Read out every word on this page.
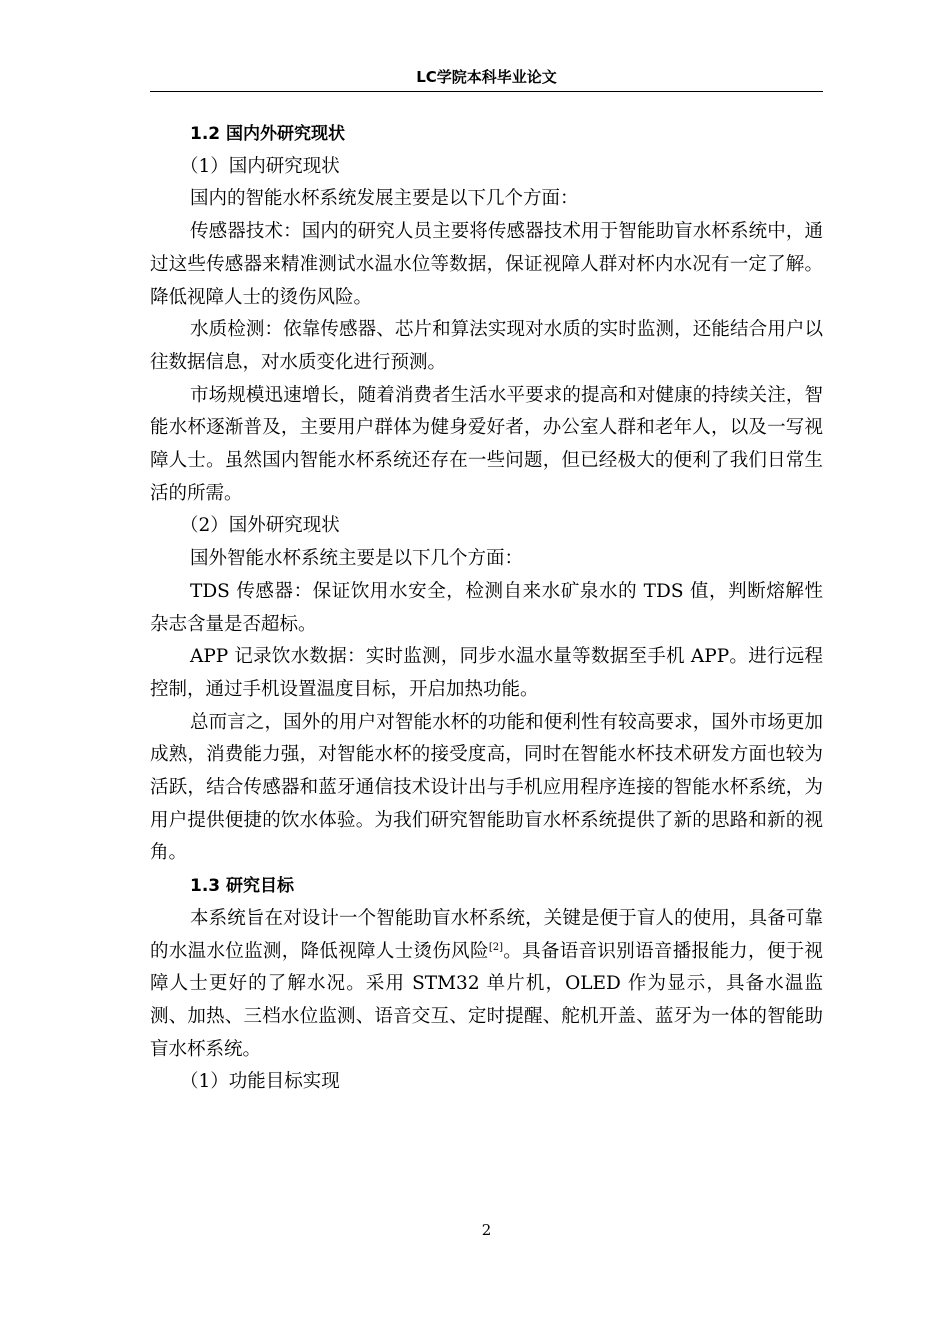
LC学院本科毕业论文

1.2 国内外研究现状

（1）国内研究现状

国内的智能水杯系统发展主要是以下几个方面：

传感器技术：国内的研究人员主要将传感器技术用于智能助盲水杯系统中，通过这些传感器来精准测试水温水位等数据，保证视障人群对杯内水况有一定了解。降低视障人士的烫伤风险。

水质检测：依靠传感器、芯片和算法实现对水质的实时监测，还能结合用户以往数据信息，对水质变化进行预测。

市场规模迅速增长，随着消费者生活水平要求的提高和对健康的持续关注，智能水杯逐渐普及，主要用户群体为健身爱好者，办公室人群和老年人，以及一写视障人士。虽然国内智能水杯系统还存在一些问题，但已经极大的便利了我们日常生活的所需。

（2）国外研究现状

国外智能水杯系统主要是以下几个方面：

TDS 传感器：保证饮用水安全，检测自来水矿泉水的 TDS 值，判断熔解性杂志含量是否超标。

APP 记录饮水数据：实时监测，同步水温水量等数据至手机 APP。进行远程控制，通过手机设置温度目标，开启加热功能。

总而言之，国外的用户对智能水杯的功能和便利性有较高要求，国外市场更加成熟，消费能力强，对智能水杯的接受度高，同时在智能水杯技术研发方面也较为活跃，结合传感器和蓝牙通信技术设计出与手机应用程序连接的智能水杯系统，为用户提供便捷的饮水体验。为我们研究智能助盲水杯系统提供了新的思路和新的视角。

1.3 研究目标

本系统旨在对设计一个智能助盲水杯系统，关键是便于盲人的使用，具备可靠的水温水位监测，降低视障人士烫伤风险[2]。具备语音识别语音播报能力，便于视障人士更好的了解水况。采用 STM32 单片机，OLED 作为显示，具备水温监测、加热、三档水位监测、语音交互、定时提醒、舵机开盖、蓝牙为一体的智能助盲水杯系统。

（1）功能目标实现

2
